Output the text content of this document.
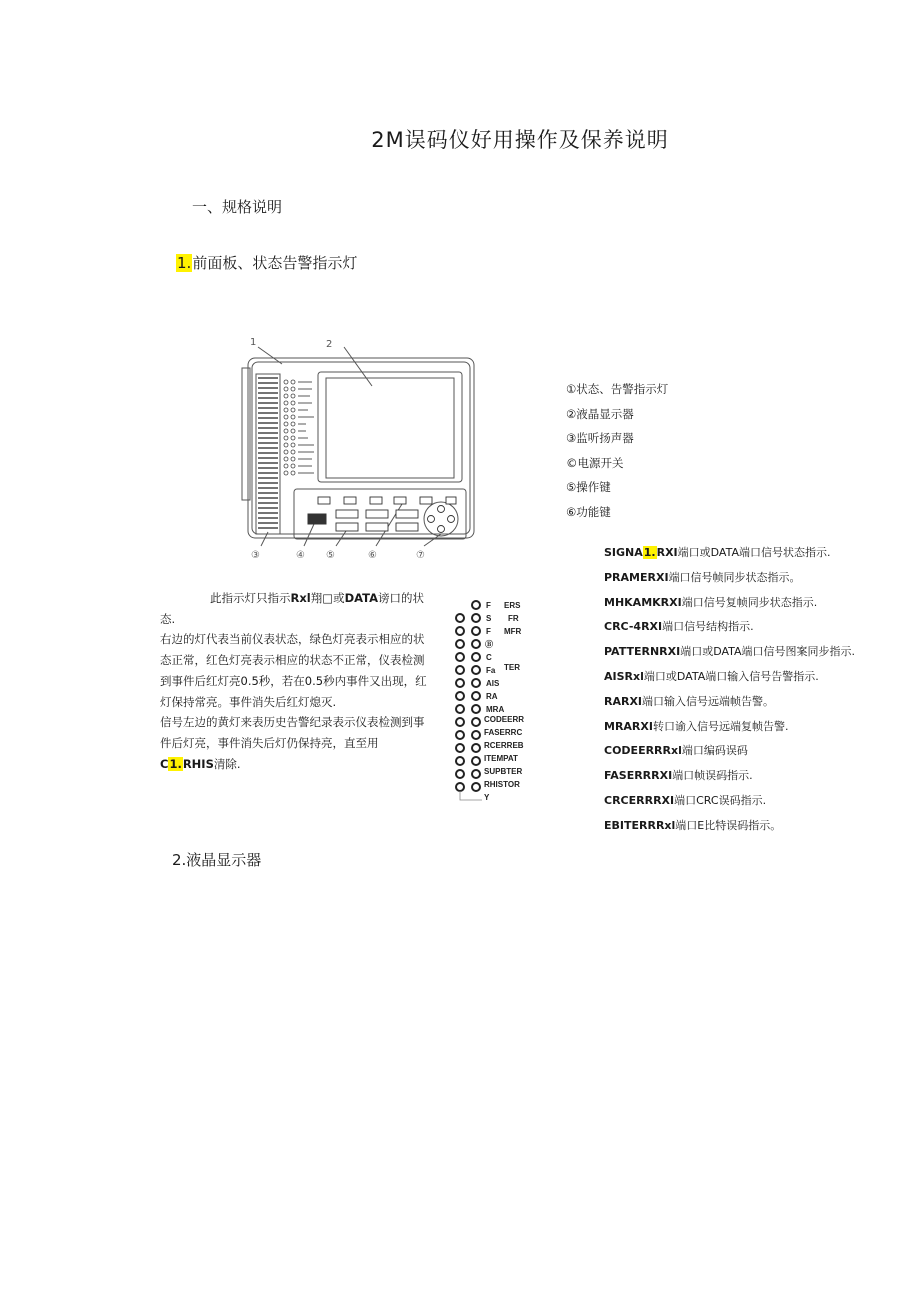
2M误码仪好用操作及保养说明
一、规格说明
1.前面板、状态告警指示灯
1	2
③	④ ⑤	⑥	⑦
①状态、告警指示灯
②液晶显示器
③监听扬声器
©电源开关
⑤操作键
⑥功能键
SIGNA1.RXI端口或DATA端口信号状态指示.
PRAMERXI端口信号帧同步状态指示。
MHKAMKRXI端口信号复帧同步状态指示.
CRC-4RXI端口信号结构指示.
PATTERNRXI端口或DATA端口信号图案同步指示.
AISRxl端口或DATA端口输入信号告警指示.
RARXI端口输入信号远端帧告警。
MRARXI转口谕入信号远端复帧告警.
CODEERRRxl端口编码误码
FASERRRXI端口帧误码指示.
CRCERRRXI端口CRC误码指示.
EBITERRRxl端口E比特误码指示。

此指示灯只指示Rxl翔□或DATA谤口的状态.

右边的灯代表当前仪表状态，绿色灯亮表示相应的状态正常，红色灯亮表示相应的状态不正常，仪表检测到事件后红灯亮0.5秒，若在0.5秒内事件又出现，红灯保持常亮。事件消失后红灯熄灭.

信号左边的黄灯来表历史告警纪录表示仪表检测到事件后灯亮，事件消失后灯仍保持亮，直至用C1.RHIS清除.

F ERS
S FR
F MFR
Ⓑ
C
Fa TER
AIS
RA
MRA
CODEERR
FASERRC
RCERREB
ITEMPAT
SUPBTER
RHISTOR
Y
2.液晶显示器
